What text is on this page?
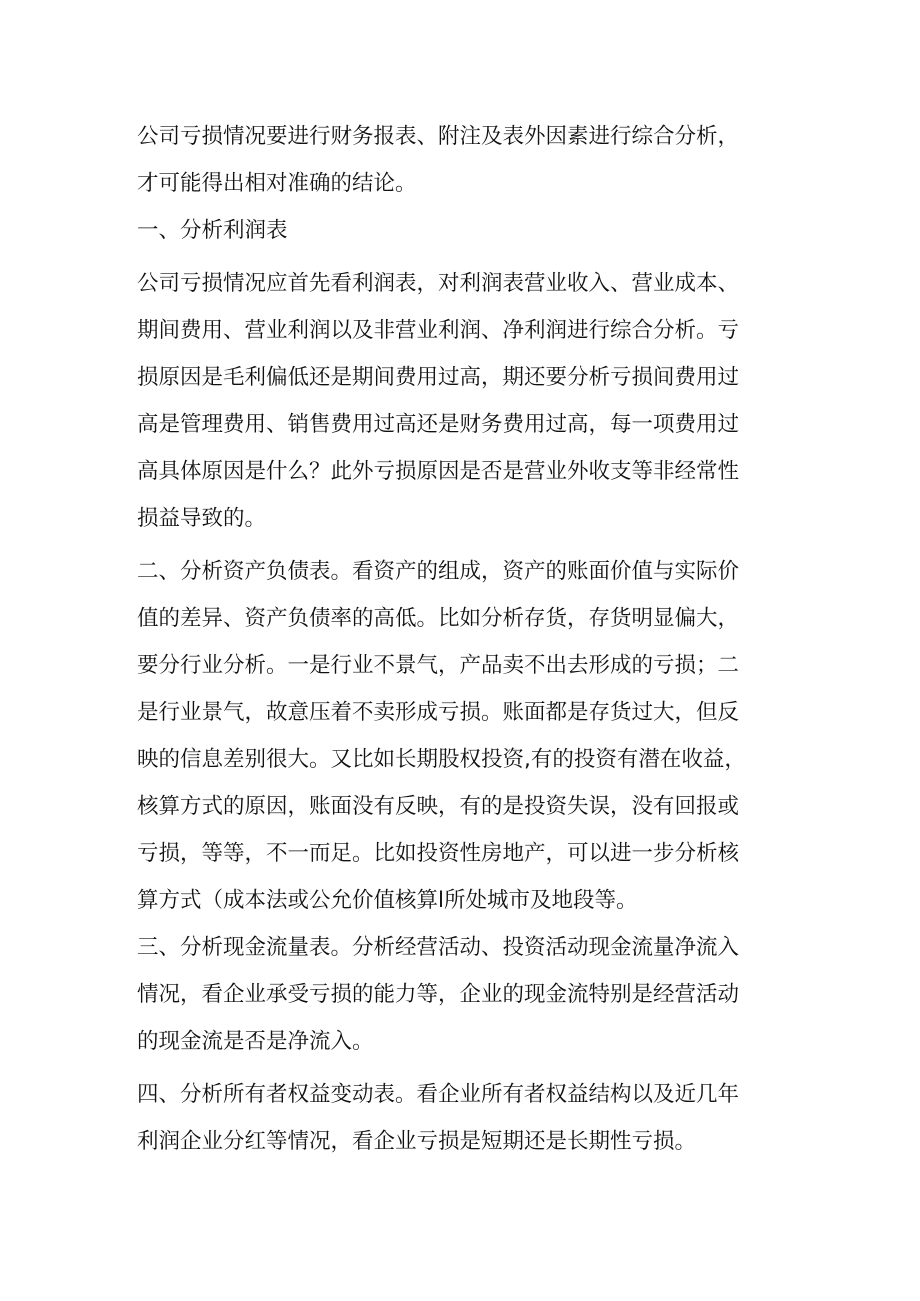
公司亏损情况要进行财务报表、附注及表外因素进行综合分析，
才可能得出相对准确的结论。
一、分析利润表
公司亏损情况应首先看利润表，对利润表营业收入、营业成本、
期间费用、营业利润以及非营业利润、净利润进行综合分析。亏
损原因是毛利偏低还是期间费用过高，期还要分析亏损间费用过
高是管理费用、销售费用过高还是财务费用过高，每一项费用过
高具体原因是什么？此外亏损原因是否是营业外收支等非经常性
损益导致的。
二、分析资产负债表。看资产的组成，资产的账面价值与实际价
值的差异、资产负债率的高低。比如分析存货，存货明显偏大，
要分行业分析。一是行业不景气，产品卖不出去形成的亏损；二
是行业景气，故意压着不卖形成亏损。账面都是存货过大，但反
映的信息差别很大。又比如长期股权投资,有的投资有潜在收益，
核算方式的原因，账面没有反映，有的是投资失误，没有回报或
亏损，等等，不一而足。比如投资性房地产，可以进一步分析核
算方式（成本法或公允价值核算l所处城市及地段等。
三、分析现金流量表。分析经营活动、投资活动现金流量净流入
情况，看企业承受亏损的能力等，企业的现金流特别是经营活动
的现金流是否是净流入。
四、分析所有者权益变动表。看企业所有者权益结构以及近几年
利润企业分红等情况，看企业亏损是短期还是长期性亏损。
